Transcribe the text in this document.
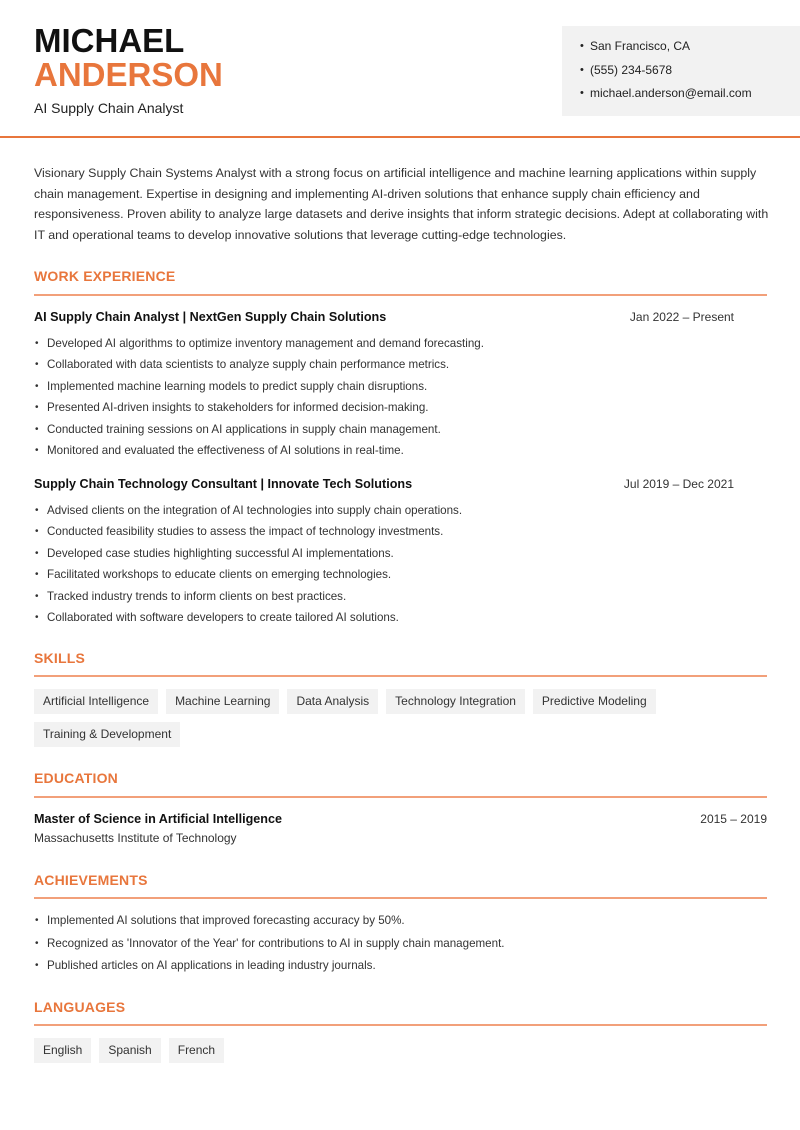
MICHAEL
ANDERSON
AI Supply Chain Analyst
• San Francisco, CA
• (555) 234-5678
• michael.anderson@email.com

Visionary Supply Chain Systems Analyst with a strong focus on artificial intelligence and machine learning applications within supply chain management. Expertise in designing and implementing AI-driven solutions that enhance supply chain efficiency and responsiveness. Proven ability to analyze large datasets and derive insights that inform strategic decisions. Adept at collaborating with IT and operational teams to develop innovative solutions that leverage cutting-edge technologies.

WORK EXPERIENCE
AI Supply Chain Analyst | NextGen Supply Chain Solutions	Jan 2022 – Present
• Developed AI algorithms to optimize inventory management and demand forecasting.
• Collaborated with data scientists to analyze supply chain performance metrics.
• Implemented machine learning models to predict supply chain disruptions.
• Presented AI-driven insights to stakeholders for informed decision-making.
• Conducted training sessions on AI applications in supply chain management.
• Monitored and evaluated the effectiveness of AI solutions in real-time.
Supply Chain Technology Consultant | Innovate Tech Solutions	Jul 2019 – Dec 2021
• Advised clients on the integration of AI technologies into supply chain operations.
• Conducted feasibility studies to assess the impact of technology investments.
• Developed case studies highlighting successful AI implementations.
• Facilitated workshops to educate clients on emerging technologies.
• Tracked industry trends to inform clients on best practices.
• Collaborated with software developers to create tailored AI solutions.
SKILLS
Artificial Intelligence	Machine Learning	Data Analysis	Technology Integration	Predictive Modeling
Training & Development
EDUCATION
Master of Science in Artificial Intelligence	2015 – 2019
Massachusetts Institute of Technology
ACHIEVEMENTS
• Implemented AI solutions that improved forecasting accuracy by 50%.
• Recognized as 'Innovator of the Year' for contributions to AI in supply chain management.
• Published articles on AI applications in leading industry journals.
LANGUAGES
English	Spanish	French
